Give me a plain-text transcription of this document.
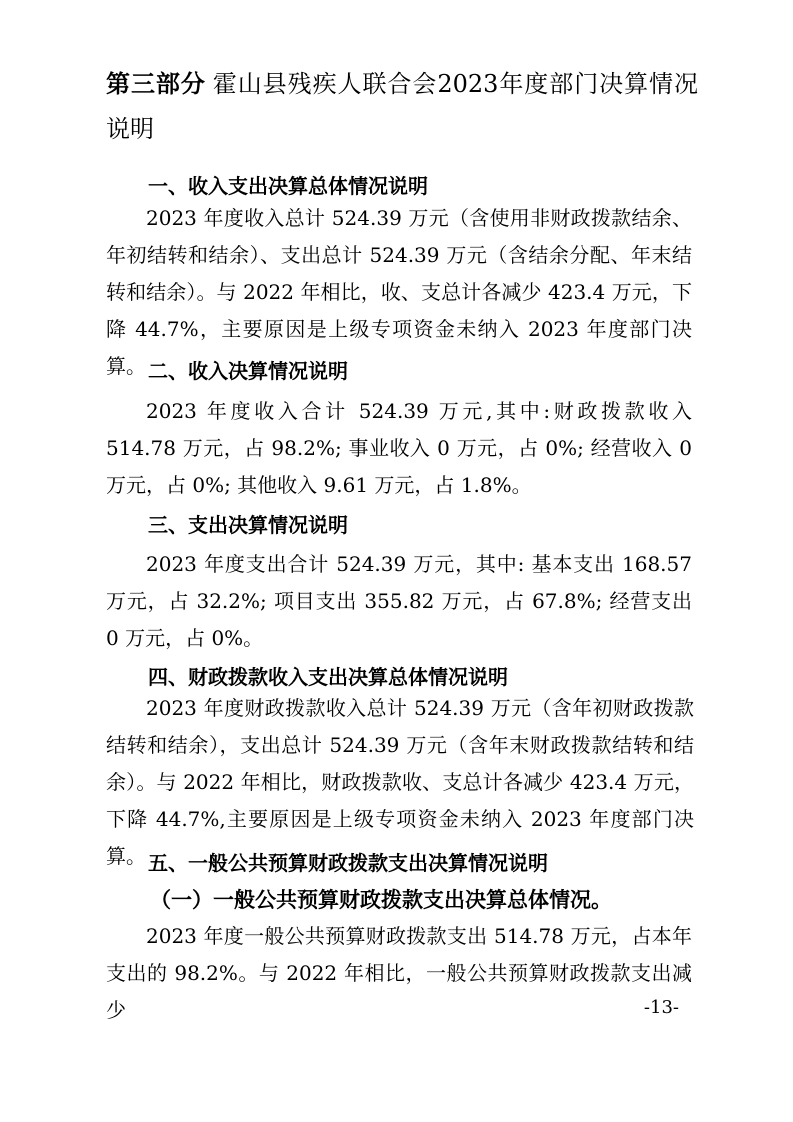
第三部分 霍山县残疾人联合会2023年度部门决算情况说明
一、收入支出决算总体情况说明

2023 年度收入总计 524.39 万元（含使用非财政拨款结余、年初结转和结余）、支出总计 524.39 万元（含结余分配、年末结转和结余）。与 2022 年相比，收、支总计各减少 423.4 万元，下降 44.7%，主要原因是上级专项资金未纳入 2023 年度部门决算。 二、收入决算情况说明

2023 年度收入合计 524.39 万元,其中:财政拨款收入 514.78 万元，占 98.2%; 事业收入 0 万元，占 0%; 经营收入 0 万元，占 0%; 其他收入 9.61 万元，占 1.8%。

三、支出决算情况说明

2023 年度支出合计 524.39 万元，其中: 基本支出 168.57 万元，占 32.2%; 项目支出 355.82 万元，占 67.8%; 经营支出 0 万元，占 0%。

四、财政拨款收入支出决算总体情况说明

2023 年度财政拨款收入总计 524.39 万元（含年初财政拨款结转和结余），支出总计 524.39 万元（含年末财政拨款结转和结余）。与 2022 年相比，财政拨款收、支总计各减少 423.4 万元，下降 44.7%,主要原因是上级专项资金未纳入 2023 年度部门决算。 五、一般公共预算财政拨款支出决算情况说明
（一）一般公共预算财政拨款支出决算总体情况。

2023 年度一般公共预算财政拨款支出 514.78 万元，占本年支出的 98.2%。与 2022 年相比，一般公共预算财政拨款支出减少	-13-
